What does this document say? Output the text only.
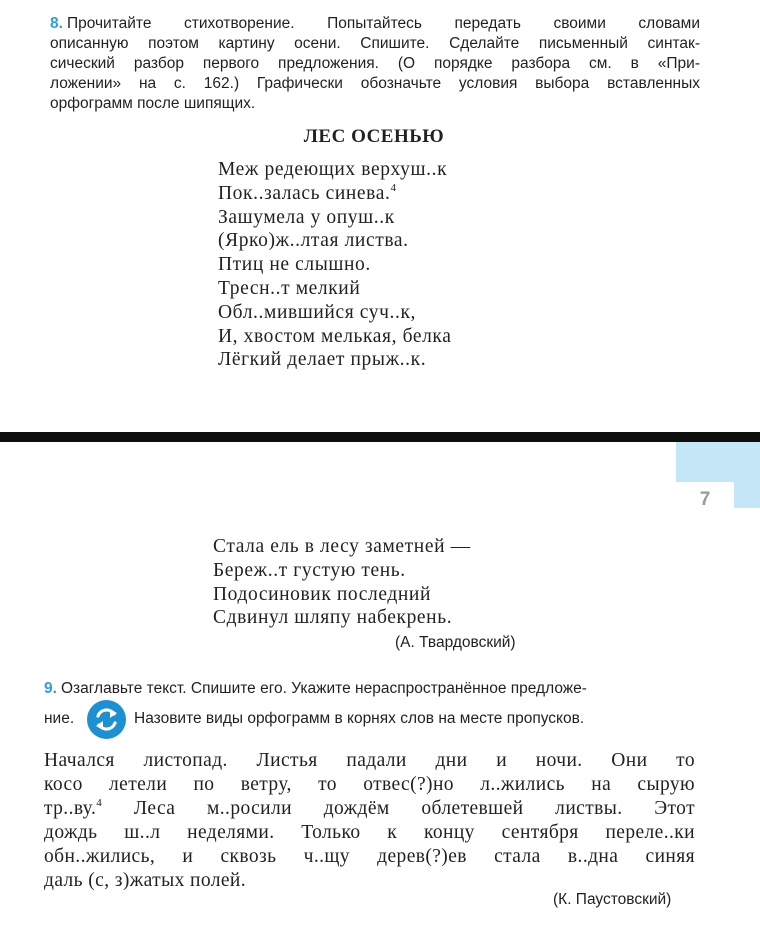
8. Прочитайте стихотворение. Попытайтесь передать своими словами
описанную поэтом картину осени. Спишите. Сделайте письменный синтак-
сический разбор первого предложения. (О порядке разбора см. в «При-
ложении» на с. 162.) Графически обозначьте условия выбора вставленных
орфограмм после шипящих.
ЛЕС ОСЕНЬЮ
Меж редеющих верхуш..к
Пок..залась синева.$^4$
Зашумела у опуш..к
(Ярко)ж..лтая листва.
Птиц не слышно.
Тресн..т мелкий
Обл..мившийся суч..к,
И, хвостом мелькая, белка
Лёгкий делает прыж..к.
7
Стала ель в лесу заметней —
Береж..т густую тень.
Подосиновик последний
Сдвинул шляпу набекрень.
(А. Твардовский)
9. Озаглавьте текст. Спишите его. Укажите нераспространённое предложе-
ние.	Назовите виды орфограмм в корнях слов на месте пропусков.
Начался листопад. Листья падали дни и ночи. Они то
косо летели по ветру, то отвес(?)но л..жились на сырую
тр..ву.$^4$ Леса м..росили дождём облетевшей листвы. Этот
дождь ш..л неделями. Только к концу сентября переле..ки
обн..жились, и сквозь ч..щу дерев(?)ев стала в..дна синяя
даль (с, з)жатых полей.
(К. Паустовский)
